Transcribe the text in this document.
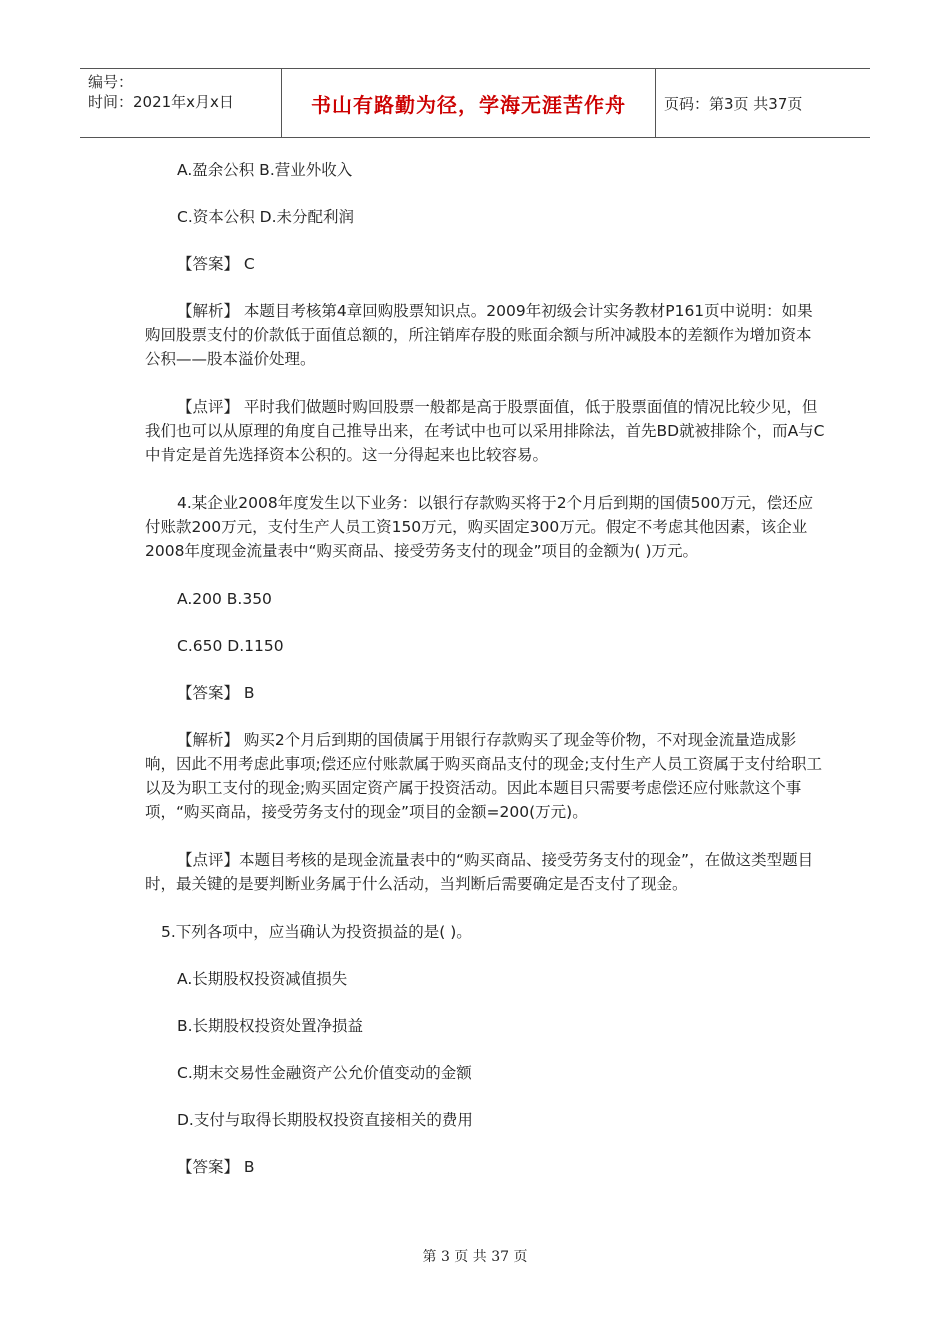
编号：
时间：2021年x月x日	书山有路勤为径，学海无涯苦作舟	页码：第3页 共37页

A.盈余公积 B.营业外收入

C.资本公积 D.未分配利润

【答案】 C

【解析】 本题目考核第4章回购股票知识点。2009年初级会计实务教材P161页中说明：如果购回股票支付的价款低于面值总额的，所注销库存股的账面余额与所冲减股本的差额作为增加资本公积——股本溢价处理。

【点评】 平时我们做题时购回股票一般都是高于股票面值，低于股票面值的情况比较少见，但我们也可以从原理的角度自己推导出来，在考试中也可以采用排除法，首先BD就被排除个，而A与C中肯定是首先选择资本公积的。这一分得起来也比较容易。

4.某企业2008年度发生以下业务：以银行存款购买将于2个月后到期的国债500万元，偿还应付账款200万元，支付生产人员工资150万元，购买固定300万元。假定不考虑其他因素，该企业2008年度现金流量表中“购买商品、接受劳务支付的现金”项目的金额为( )万元。

A.200 B.350

C.650 D.1150

【答案】 B

【解析】 购买2个月后到期的国债属于用银行存款购买了现金等价物，不对现金流量造成影响，因此不用考虑此事项;偿还应付账款属于购买商品支付的现金;支付生产人员工资属于支付给职工以及为职工支付的现金;购买固定资产属于投资活动。因此本题目只需要考虑偿还应付账款这个事项，“购买商品，接受劳务支付的现金”项目的金额=200(万元)。

【点评】本题目考核的是现金流量表中的“购买商品、接受劳务支付的现金”，在做这类型题目时，最关键的是要判断业务属于什么活动，当判断后需要确定是否支付了现金。

5.下列各项中，应当确认为投资损益的是( )。

A.长期股权投资减值损失

B.长期股权投资处置净损益

C.期末交易性金融资产公允价值变动的金额

D.支付与取得长期股权投资直接相关的费用

【答案】 B

第 3 页 共 37 页
